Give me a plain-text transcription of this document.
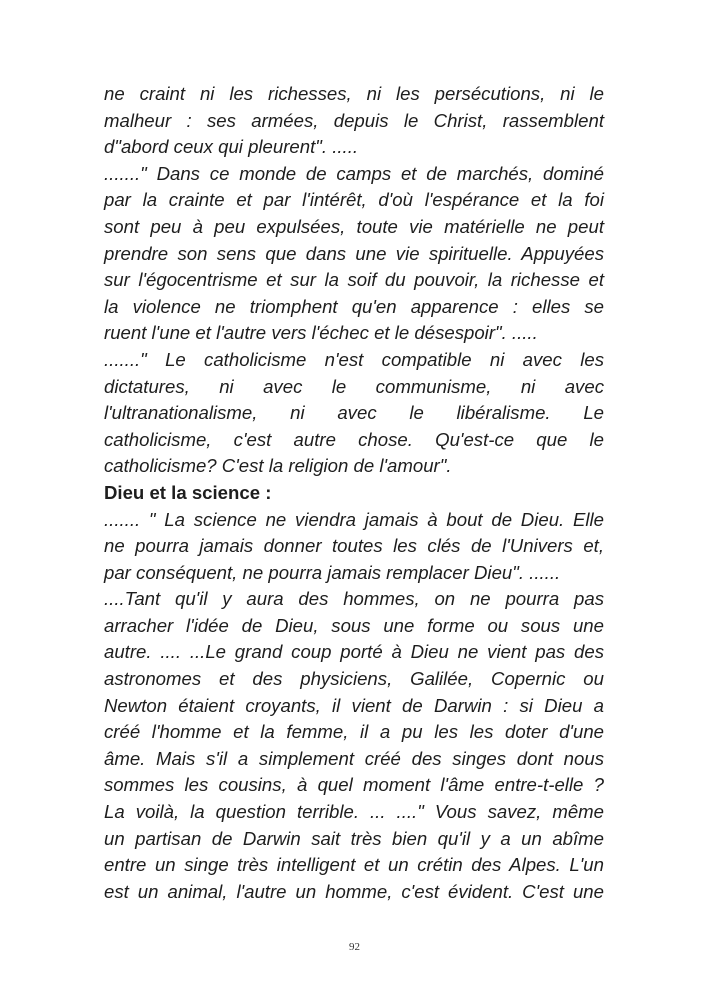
ne craint ni les richesses, ni les persécutions, ni le
malheur : ses armées, depuis le Christ, rassemblent
d"abord ceux qui pleurent". .....
......." Dans ce monde de camps et de marchés, dominé
par la crainte et par l'intérêt, d'où l'espérance et la foi
sont peu à peu expulsées, toute vie matérielle ne peut
prendre son sens que dans une vie spirituelle. Appuyées
sur l'égocentrisme et sur la soif du pouvoir, la richesse et
la violence ne triomphent qu'en apparence : elles se
ruent l'une et l'autre vers l'échec et le désespoir". .....
......." Le catholicisme n'est compatible ni avec les
dictatures, ni avec le communisme, ni avec
l'ultranationalisme, ni avec le libéralisme. Le
catholicisme, c'est autre chose. Qu'est-ce que le
catholicisme? C'est la religion de l'amour".
Dieu et la science :
....... " La science ne viendra jamais à bout de Dieu. Elle
ne pourra jamais donner toutes les clés de l'Univers et,
par conséquent, ne pourra jamais remplacer Dieu". ......
....Tant qu'il y aura des hommes, on ne pourra pas
arracher l'idée de Dieu, sous une forme ou sous une
autre. .... ...Le grand coup porté à Dieu ne vient pas des
astronomes et des physiciens, Galilée, Copernic ou
Newton étaient croyants, il vient de Darwin : si Dieu a
créé l'homme et la femme, il a pu les les doter d'une
âme. Mais s'il a simplement créé des singes dont nous
sommes les cousins, à quel moment l'âme entre-t-elle ?
La voilà, la question terrible. ... ...." Vous savez, même
un partisan de Darwin sait très bien qu'il y a un abîme
entre un singe très intelligent et un crétin des Alpes. L'un
est un animal, l'autre un homme, c'est évident. C'est une
92
